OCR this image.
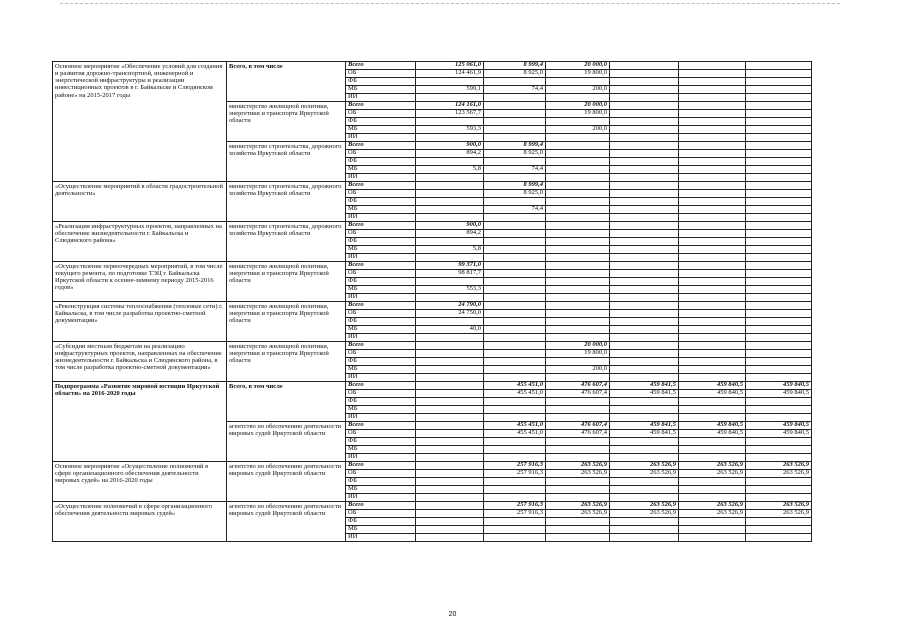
Основное мероприятие «Обеспечение условий для создания и развития дорожно-транспортной, инженерной и энергетической инфраструктуры и реализации инвестиционных проектов в г. Байкальске и Слюдянском районе» на 2015-2017 годы	Всего, в том числе	Всего	125 061,0	8 999,4	20 000,0			
		ОБ	124 461,9	8 925,0	19 800,0			
		ФБ						
		МБ	599,1	74,4	200,0			
		ИИ						
	министерство жилищной политики, энергетики и транспорта Иркутской области	Всего	124 161,0		20 000,0			
		ОБ	123 567,7		19 800,0			
		ФБ						
		МБ	593,3		200,0			
		ИИ						
	министерство строительства, дорожного хозяйства Иркутской области	Всего	900,0	8 999,4				
		ОБ	894,2	8 925,0				
		ФБ						
		МБ	5,8	74,4				
		ИИ						
«Осуществление мероприятий в области градостроительной деятельности»	министерство строительства, дорожного хозяйства Иркутской области	Всего		8 999,4				
		ОБ		8 925,0				
		ФБ						
		МБ		74,4				
		ИИ						
«Реализация инфраструктурных проектов, направленных на обеспечение жизнедеятельности г. Байкальска и Слюдянского района»	министерство строительства, дорожного хозяйства Иркутской области	Всего	900,0					
		ОБ	894,2					
		ФБ						
		МБ	5,8					
		ИИ						
«Осуществление первоочередных мероприятий, в том числе текущего ремонта, по подготовке ТЭЦ г. Байкальска Иркутской области к осенне-зимнему периоду 2015-2016 годов»	министерство жилищной политики, энергетики и транспорта Иркутской области	Всего	99 371,0					
		ОБ	98 817,7					
		ФБ						
		МБ	553,3					
		ИИ						
«Реконструкция системы теплоснабжения (тепловые сети) г. Байкальска, в том числе разработка проектно-сметной документации»	министерство жилищной политики, энергетики и транспорта Иркутской области	Всего	24 790,0					
		ОБ	24 750,0					
		ФБ						
		МБ	40,0					
		ИИ						
«Субсидии местным бюджетам на реализацию инфраструктурных проектов, направленных на обеспечение жизнедеятельности г. Байкальска и Слюдянского района, в том числе разработка проектно-сметной документации»	министерство жилищной политики, энергетики и транспорта Иркутской области	Всего			20 000,0			
		ОБ			19 800,0			
		ФБ						
		МБ			200,0			
		ИИ						
Подпрограмма «Развитие мировой юстиции Иркутской области» на 2016-2020 годы	Всего, в том числе	Всего		455 451,0	476 607,4	459 841,5	459 840,5	459 840,5
		ОБ		455 451,0	476 607,4	459 841,5	459 840,5	459 840,5
		ФБ						
		МБ						
		ИИ						
	агентство по обеспечению деятельности мировых судей Иркутской области	Всего		455 451,0	476 607,4	459 841,5	459 840,5	459 840,5
		ОБ		455 451,0	476 607,4	459 841,5	459 840,5	459 840,5
		ФБ						
		МБ						
		ИИ						
Основное мероприятие «Осуществление полномочий в сфере организационного обеспечения деятельности мировых судей» на 2016-2020 годы	агентство по обеспечению деятельности мировых судей Иркутской области	Всего		257 916,3	263 526,9	263 526,9	263 526,9	263 526,9
		ОБ		257 916,3	263 526,9	263 526,9	263 526,9	263 526,9
		ФБ						
		МБ						
		ИИ						
«Осуществление полномочий в сфере организационного обеспечения деятельности мировых судей»	агентство по обеспечению деятельности мировых судей Иркутской области	Всего		257 916,3	263 526,9	263 526,9	263 526,9	263 526,9
		ОБ		257 916,3	263 526,9	263 526,9	263 526,9	263 526,9
		ФБ						
		МБ						
		ИИ						
20
